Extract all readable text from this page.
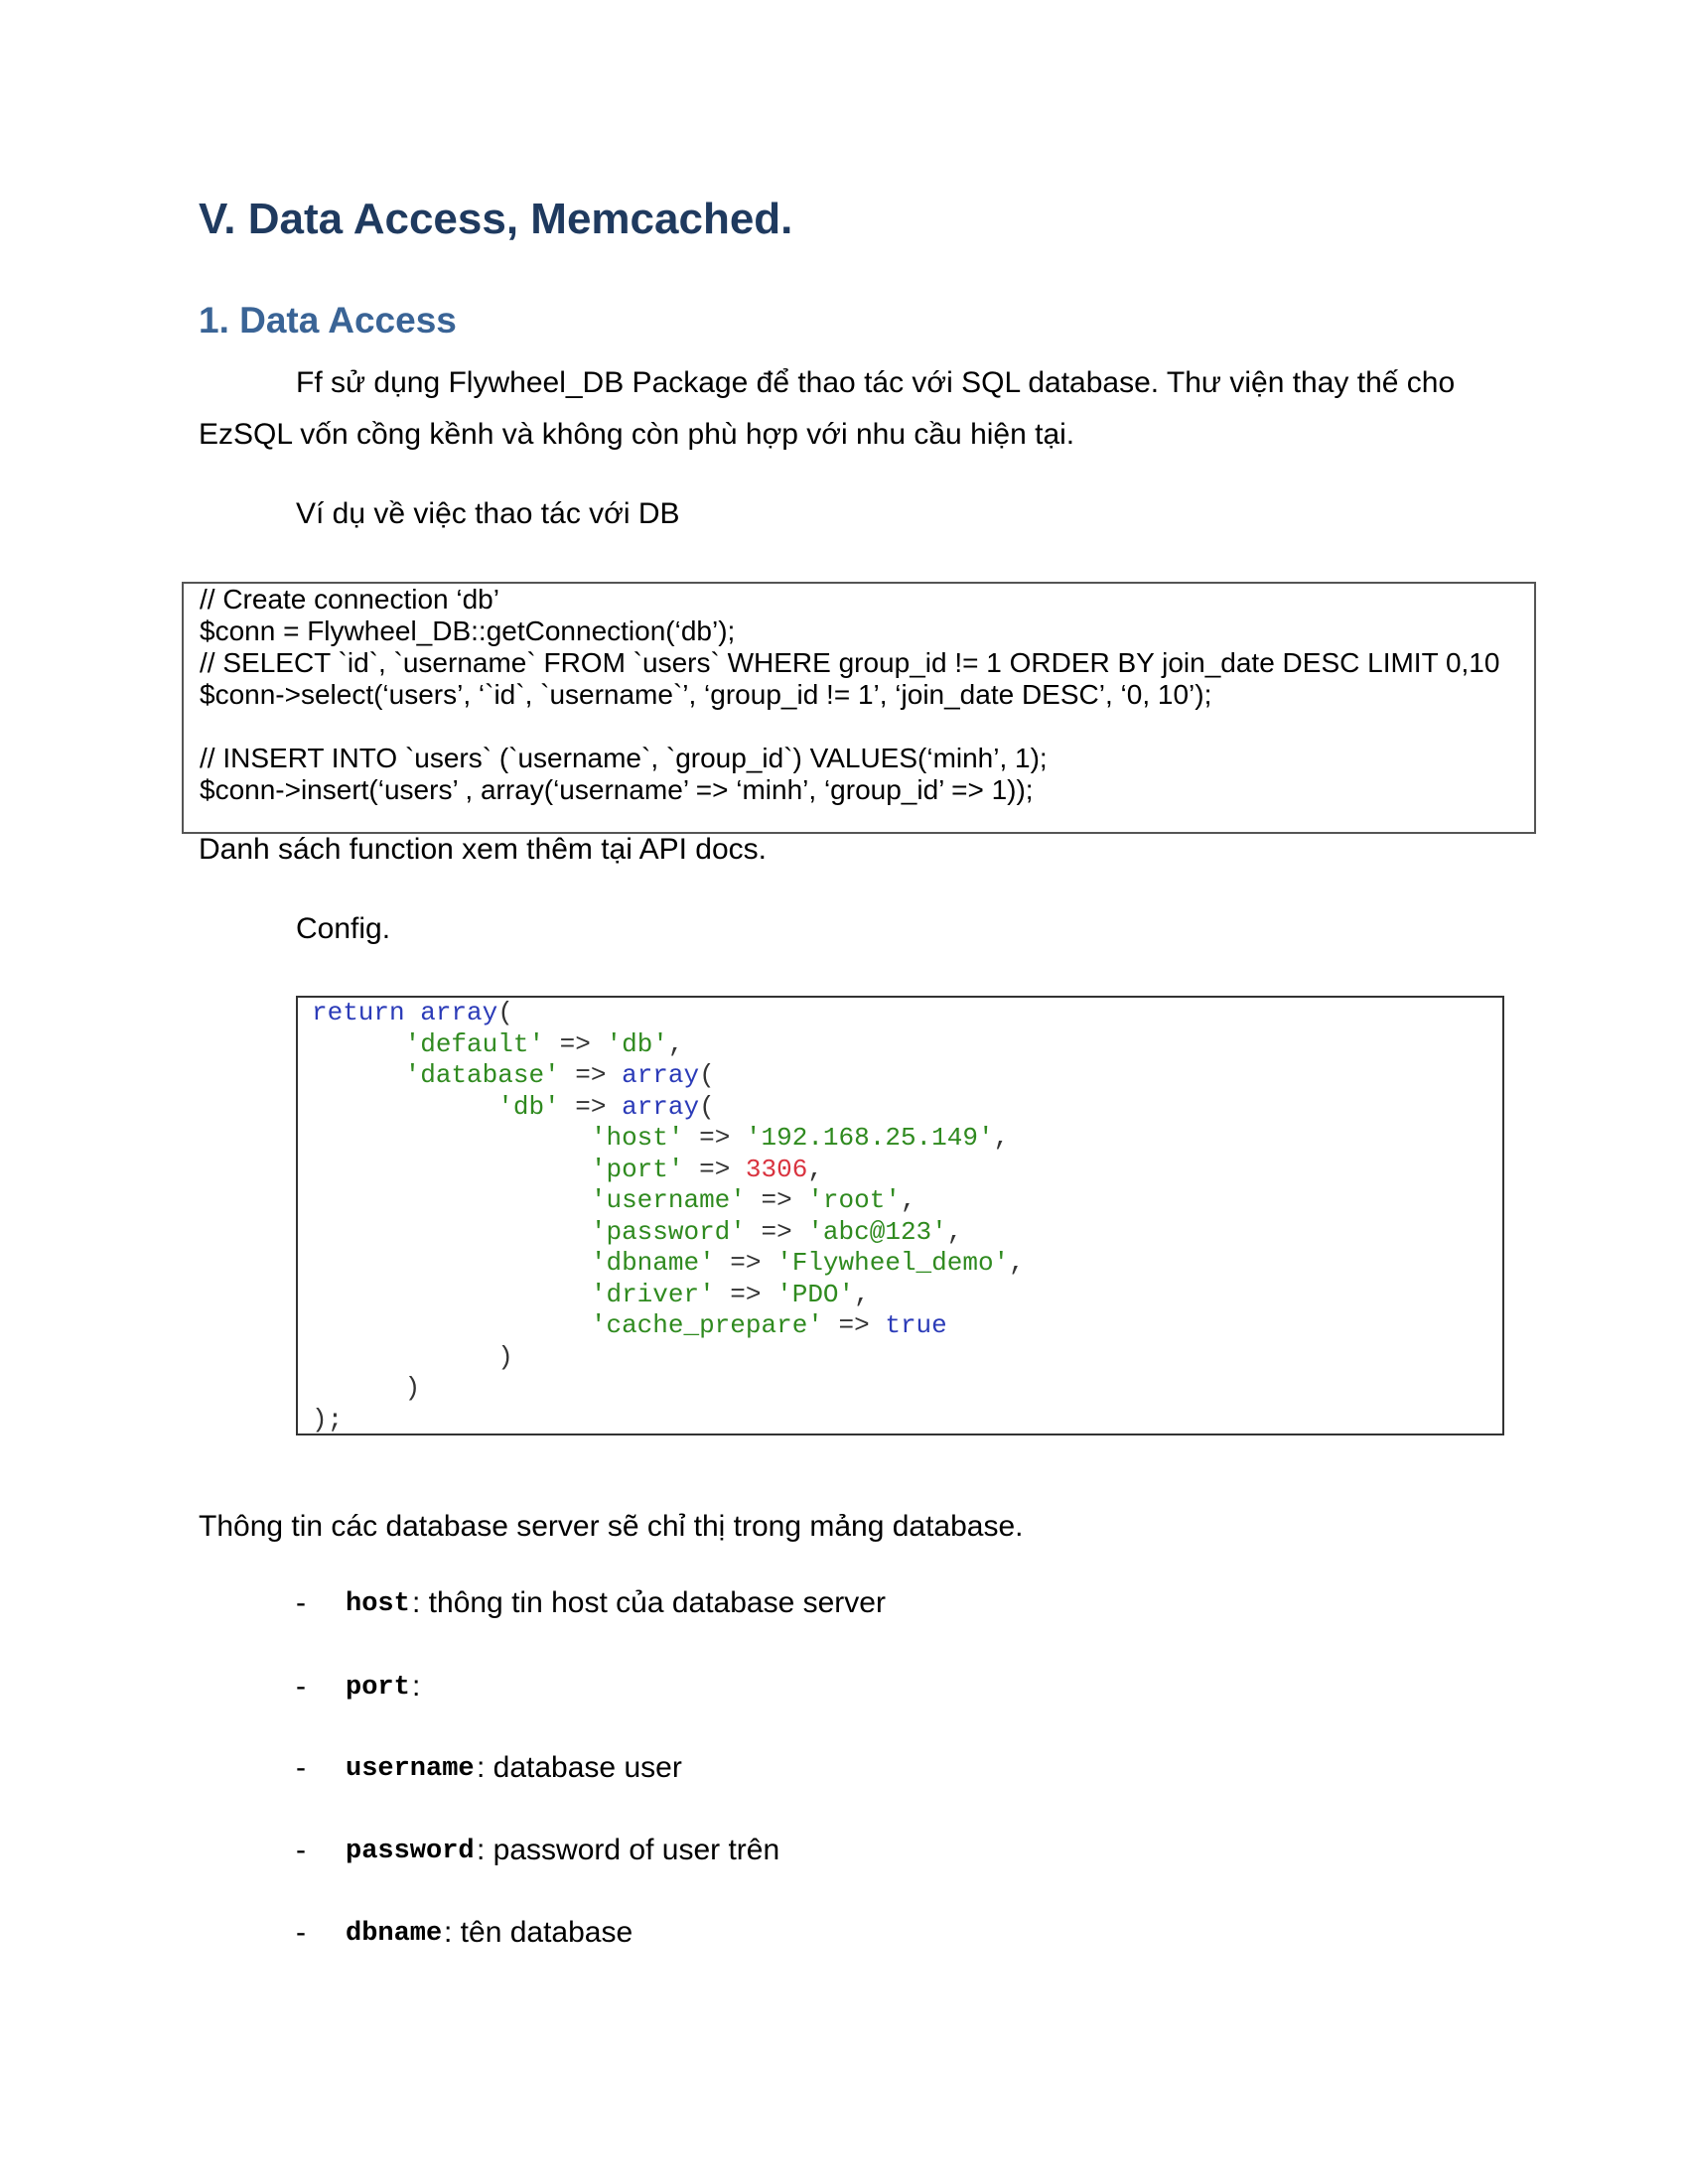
V. Data Access, Memcached.
1. Data Access
Ff sử dụng Flywheel_DB Package để thao tác với SQL database. Thư viện thay thế cho
EzSQL vốn cồng kềnh và không còn phù hợp với nhu cầu hiện tại.
Ví dụ về việc thao tác với DB
// Create connection ‘db’
$conn = Flywheel_DB::getConnection(‘db’);
// SELECT `id`, `username` FROM `users` WHERE group_id != 1 ORDER BY join_date DESC LIMIT 0,10
$conn->select(‘users’, ‘`id`, `username`’, ‘group_id != 1’, ‘join_date DESC’, ‘0, 10’);
// INSERT INTO `users` (`username`, `group_id`) VALUES(‘minh’, 1);
$conn->insert(‘users’ , array(‘username’ => ‘minh’, ‘group_id’ => 1));
Danh sách function xem thêm tại API docs.
Config.
return array(
'default' => 'db',
'database' => array(
'db' => array(
'host' => '192.168.25.149',
'port' => 3306,
'username' => 'root',
'password' => 'abc@123',
'dbname' => 'Flywheel_demo',
'driver' => 'PDO',
'cache_prepare' => true
)
)
);
Thông tin các database server sẽ chỉ thị trong mảng database.
- host : thông tin host của database server
- port :
- username : database user
- password : password of user trên
- dbname : tên database
